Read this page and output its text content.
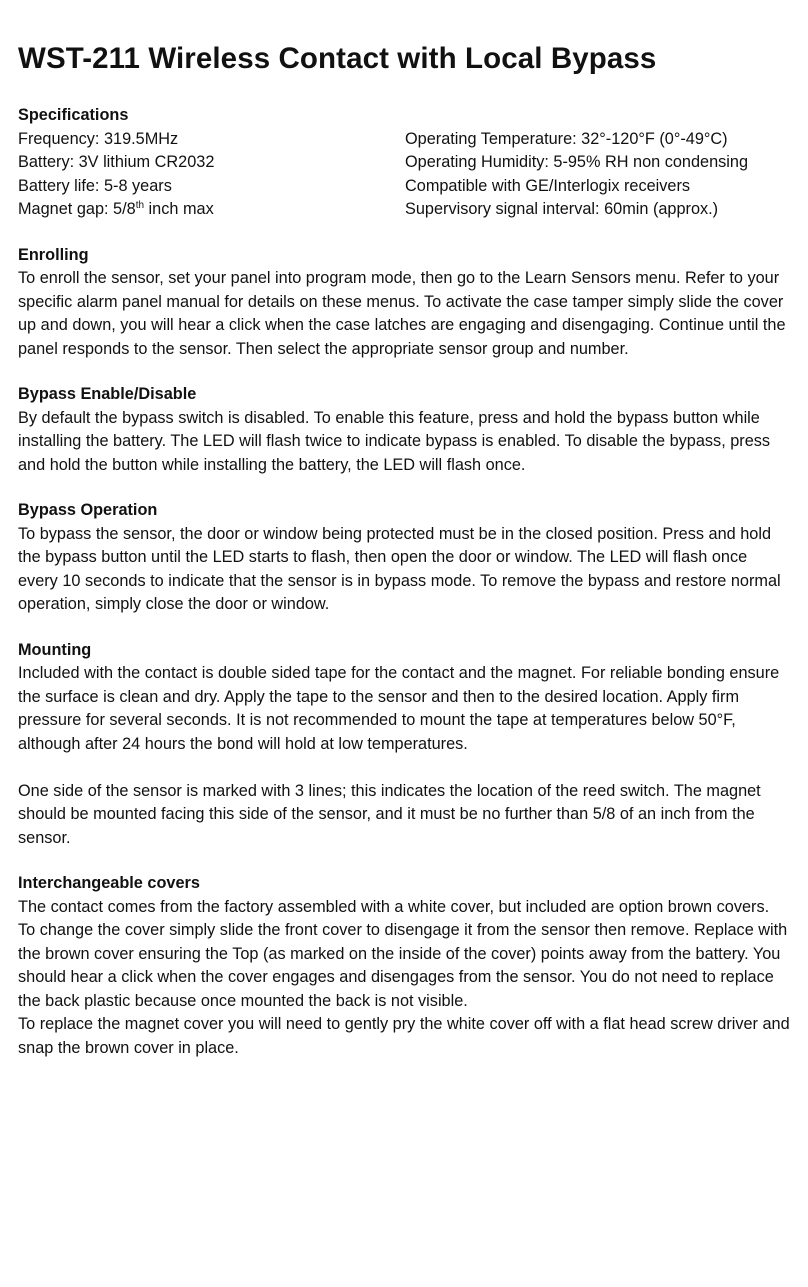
WST-211 Wireless Contact with Local Bypass
Specifications
Frequency: 319.5MHz	Operating Temperature: 32°-120°F (0°-49°C)
Battery: 3V lithium CR2032	Operating Humidity: 5-95% RH non condensing
Battery life: 5-8 years	Compatible with GE/Interlogix receivers
Magnet gap: 5/8th inch max	Supervisory signal interval: 60min (approx.)
Enrolling

To enroll the sensor, set your panel into program mode, then go to the Learn Sensors menu. Refer to your specific alarm panel manual for details on these menus. To activate the case tamper simply slide the cover up and down, you will hear a click when the case latches are engaging and disengaging. Continue until the panel responds to the sensor. Then select the appropriate sensor group and number.

Bypass Enable/Disable

By default the bypass switch is disabled. To enable this feature, press and hold the bypass button while installing the battery. The LED will flash twice to indicate bypass is enabled. To disable the bypass, press and hold the button while installing the battery, the LED will flash once.

Bypass Operation

To bypass the sensor, the door or window being protected must be in the closed position. Press and hold the bypass button until the LED starts to flash, then open the door or window. The LED will flash once every 10 seconds to indicate that the sensor is in bypass mode. To remove the bypass and restore normal operation, simply close the door or window.

Mounting

Included with the contact is double sided tape for the contact and the magnet. For reliable bonding ensure the surface is clean and dry. Apply the tape to the sensor and then to the desired location. Apply firm pressure for several seconds. It is not recommended to mount the tape at temperatures below 50°F, although after 24 hours the bond will hold at low temperatures.

One side of the sensor is marked with 3 lines; this indicates the location of the reed switch. The magnet should be mounted facing this side of the sensor, and it must be no further than 5/8 of an inch from the sensor.

Interchangeable covers

The contact comes from the factory assembled with a white cover, but included are option brown covers. To change the cover simply slide the front cover to disengage it from the sensor then remove. Replace with the brown cover ensuring the Top (as marked on the inside of the cover) points away from the battery. You should hear a click when the cover engages and disengages from the sensor. You do not need to replace the back plastic because once mounted the back is not visible.

To replace the magnet cover you will need to gently pry the white cover off with a flat head screw driver and snap the brown cover in place.
